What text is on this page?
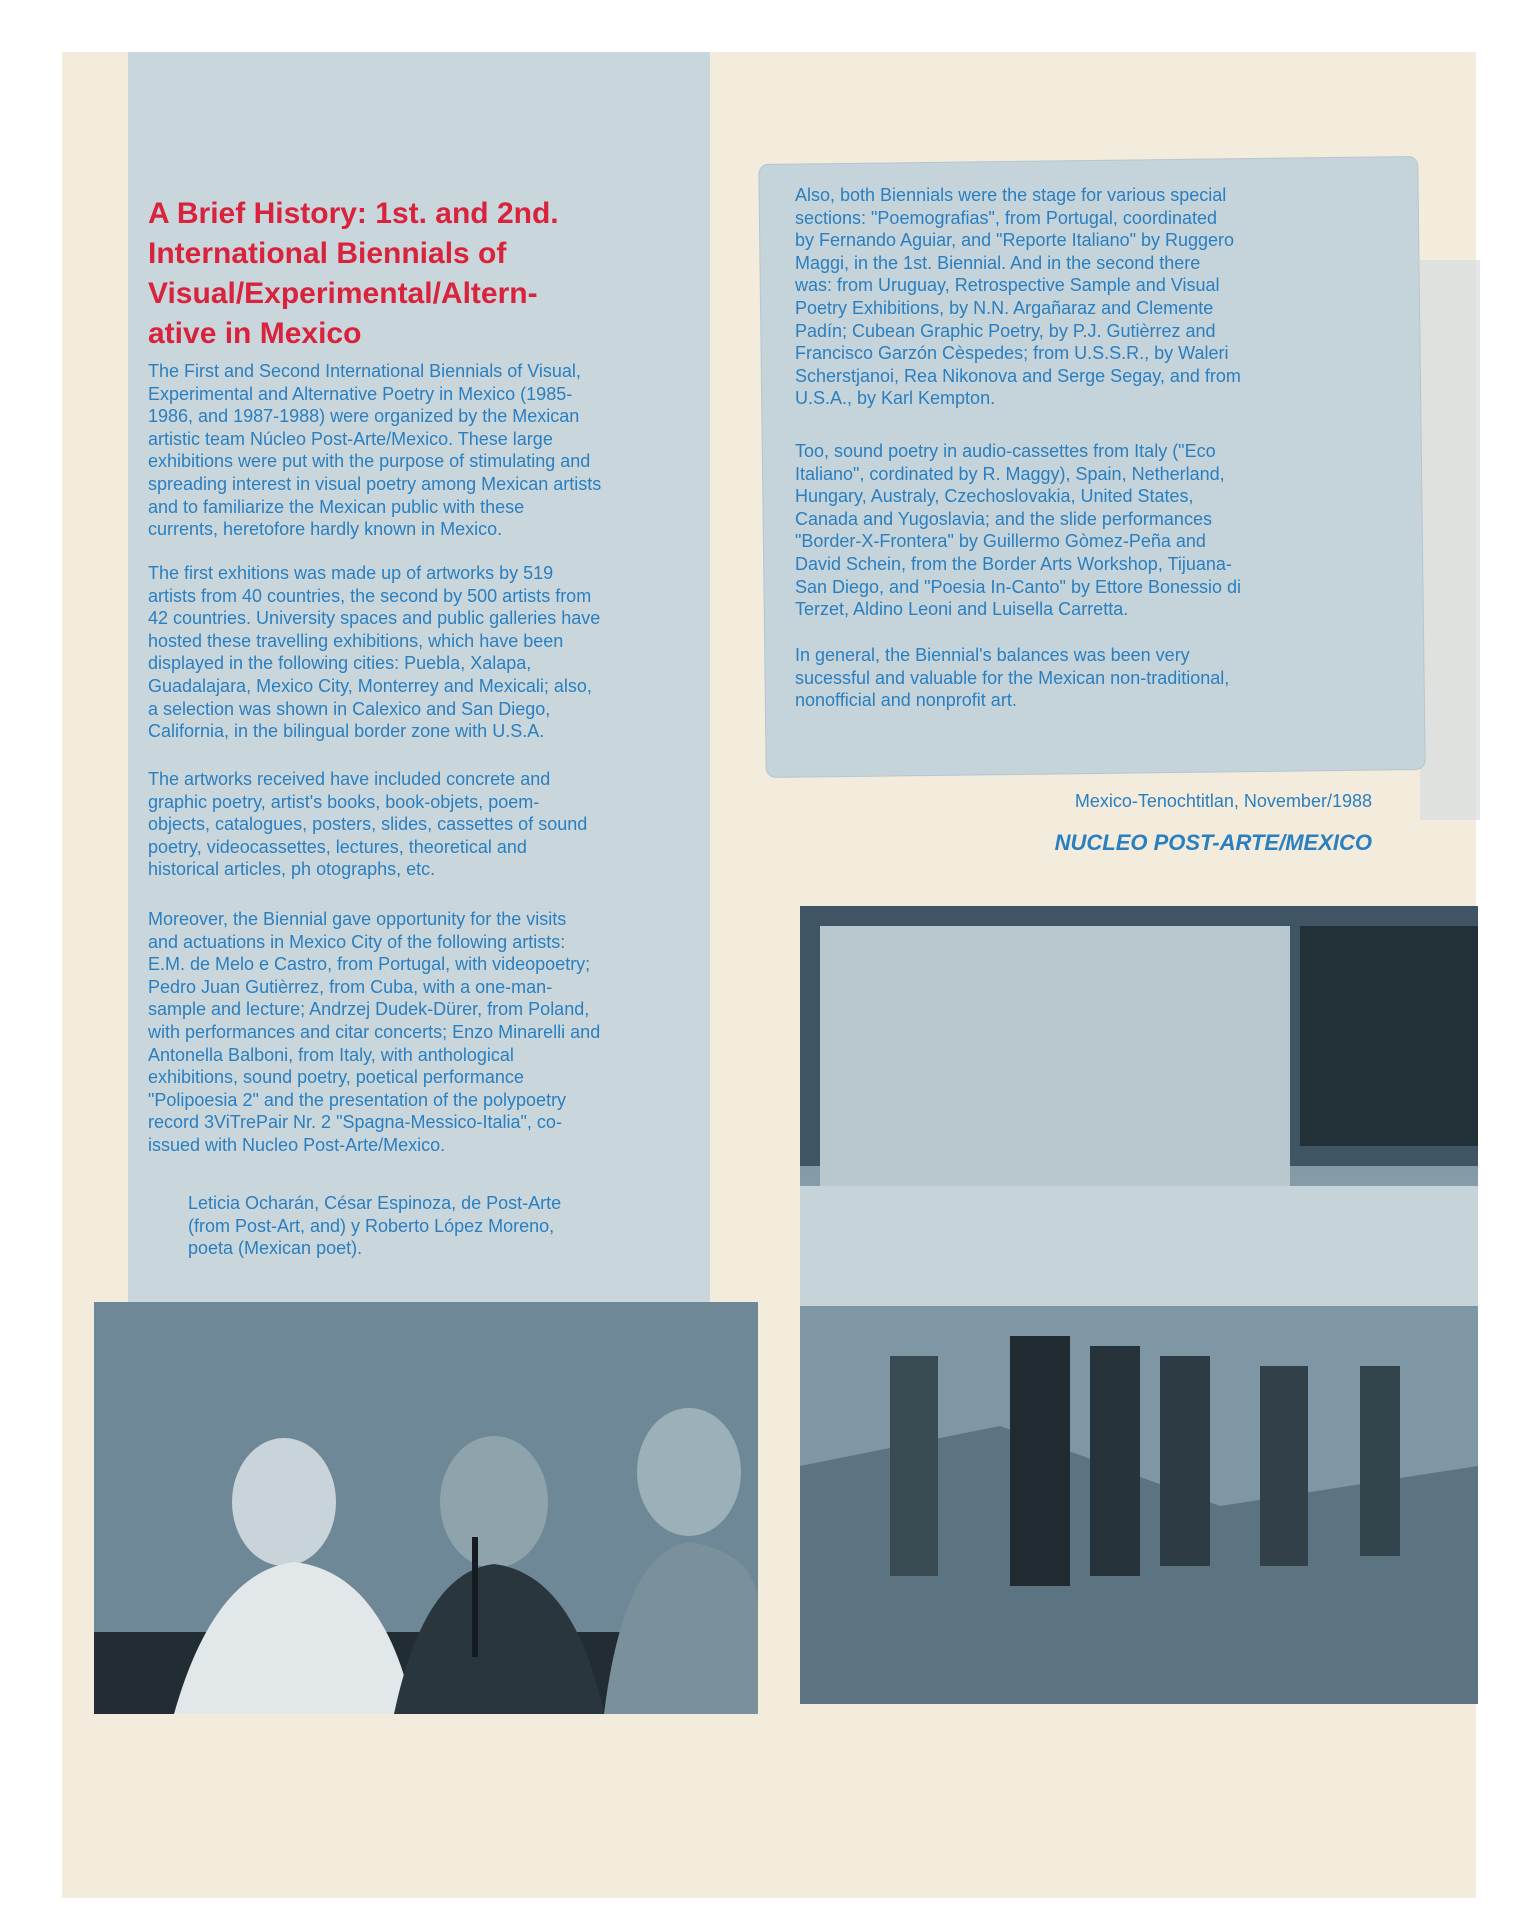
A Brief History: 1st. and 2nd.
International Biennials of
Visual/Experimental/Altern-
ative in Mexico

The First and Second International Biennials of Visual,
Experimental and Alternative Poetry in Mexico (1985-
1986, and 1987-1988) were organized by the Mexican
artistic team Núcleo Post-Arte/Mexico. These large
exhibitions were put with the purpose of stimulating and
spreading interest in visual poetry among Mexican artists
and to familiarize the Mexican public with these
currents, heretofore hardly known in Mexico.

The first exhitions was made up of artworks by 519
artists from 40 countries, the second by 500 artists from
42 countries. University spaces and public galleries have
hosted these travelling exhibitions, which have been
displayed in the following cities: Puebla, Xalapa,
Guadalajara, Mexico City, Monterrey and Mexicali; also,
a selection was shown in Calexico and San Diego,
California, in the bilingual border zone with U.S.A.

The artworks received have included concrete and
graphic poetry, artist's books, book-objets, poem-
objects, catalogues, posters, slides, cassettes of sound
poetry, videocassettes, lectures, theoretical and
historical articles, ph otographs, etc.

Moreover, the Biennial gave opportunity for the visits
and actuations in Mexico City of the following artists:
E.M. de Melo e Castro, from Portugal, with videopoetry;
Pedro Juan Gutièrrez, from Cuba, with a one-man-
sample and lecture; Andrzej Dudek-Dürer, from Poland,
with performances and citar concerts; Enzo Minarelli and
Antonella Balboni, from Italy, with anthological
exhibitions, sound poetry, poetical performance
"Polipoesia 2" and the presentation of the polypoetry
record 3ViTrePair Nr. 2 "Spagna-Messico-Italia", co-
issued with Nucleo Post-Arte/Mexico.

Leticia Ocharán, César Espinoza, de Post-Arte
(from Post-Art, and) y Roberto López Moreno,
poeta (Mexican poet).

Also, both Biennials were the stage for various special
sections: "Poemografias", from Portugal, coordinated
by Fernando Aguiar, and "Reporte Italiano" by Ruggero
Maggi, in the 1st. Biennial. And in the second there
was: from Uruguay, Retrospective Sample and Visual
Poetry Exhibitions, by N.N. Argañaraz and Clemente
Padín; Cubean Graphic Poetry, by P.J. Gutièrrez and
Francisco Garzón Cèspedes; from U.S.S.R., by Waleri
Scherstjanoi, Rea Nikonova and Serge Segay, and from
U.S.A., by Karl Kempton.

Too, sound poetry in audio-cassettes from Italy ("Eco
Italiano", cordinated by R. Maggy), Spain, Netherland,
Hungary, Australy, Czechoslovakia, United States,
Canada and Yugoslavia; and the slide performances
"Border-X-Frontera" by Guillermo Gòmez-Peña and
David Schein, from the Border Arts Workshop, Tijuana-
San Diego, and "Poesia In-Canto" by Ettore Bonessio di
Terzet, Aldino Leoni and Luisella Carretta.

In general, the Biennial's balances was been very
sucessful and valuable for the Mexican non-traditional,
nonofficial and nonprofit art.

Mexico-Tenochtitlan, November/1988

NUCLEO POST-ARTE/MEXICO
